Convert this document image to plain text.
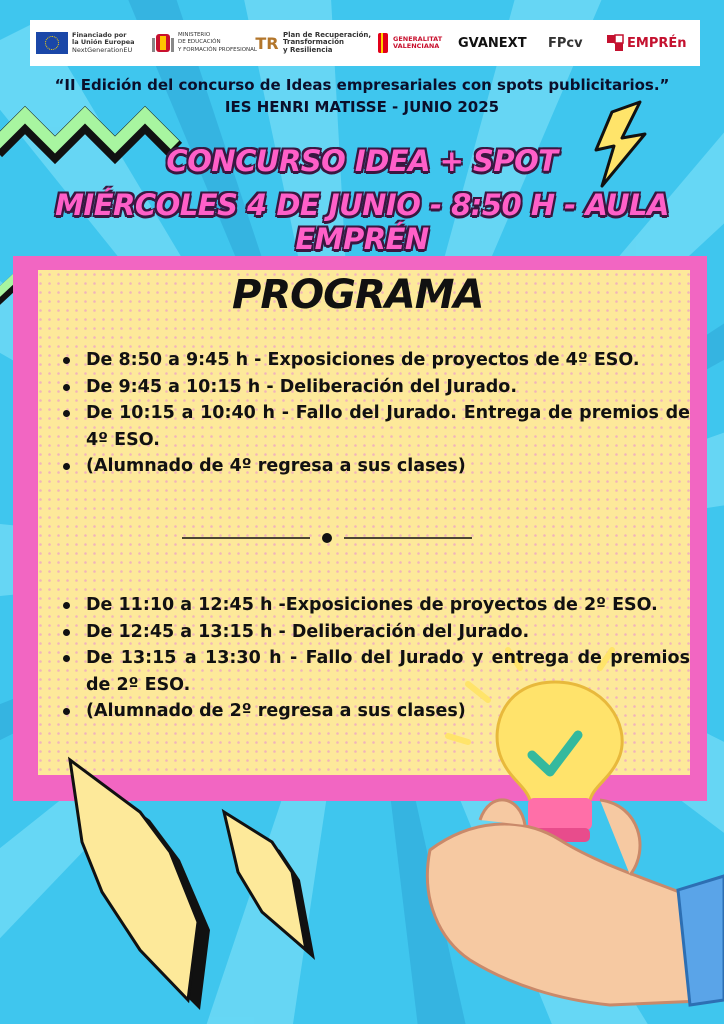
Financiado por
la Unión Europea
NextGenerationEU
MINISTERIO
DE EDUCACIÓN
Y FORMACIÓN PROFESIONAL
TR Plan de Recuperación,
Transformación
y Resiliencia
GENERALITAT
VALENCIANA GVANEXT FPcv	EMPRÉn
“II Edición del concurso de Ideas empresariales con spots publicitarios.”
IES HENRI MATISSE - JUNIO 2025
CONCURSO IDEA + SPOT
MIÉRCOLES 4 DE JUNIO - 8:50 H - AULA EMPRÉN
PROGRAMA
De 8:50 a 9:45 h - Exposiciones de proyectos de 4º ESO.
De 9:45 a 10:15 h - Deliberación del Jurado.
De 10:15 a 10:40 h - Fallo del Jurado. Entrega de premios de 4º ESO.
(Alumnado de 4º regresa a sus clases)
De 11:10 a 12:45 h -Exposiciones de proyectos de 2º ESO.
De 12:45 a 13:15 h - Deliberación del Jurado.
De 13:15 a 13:30 h - Fallo del Jurado y entrega de premios de 2º ESO.
(Alumnado de 2º regresa a sus clases)
